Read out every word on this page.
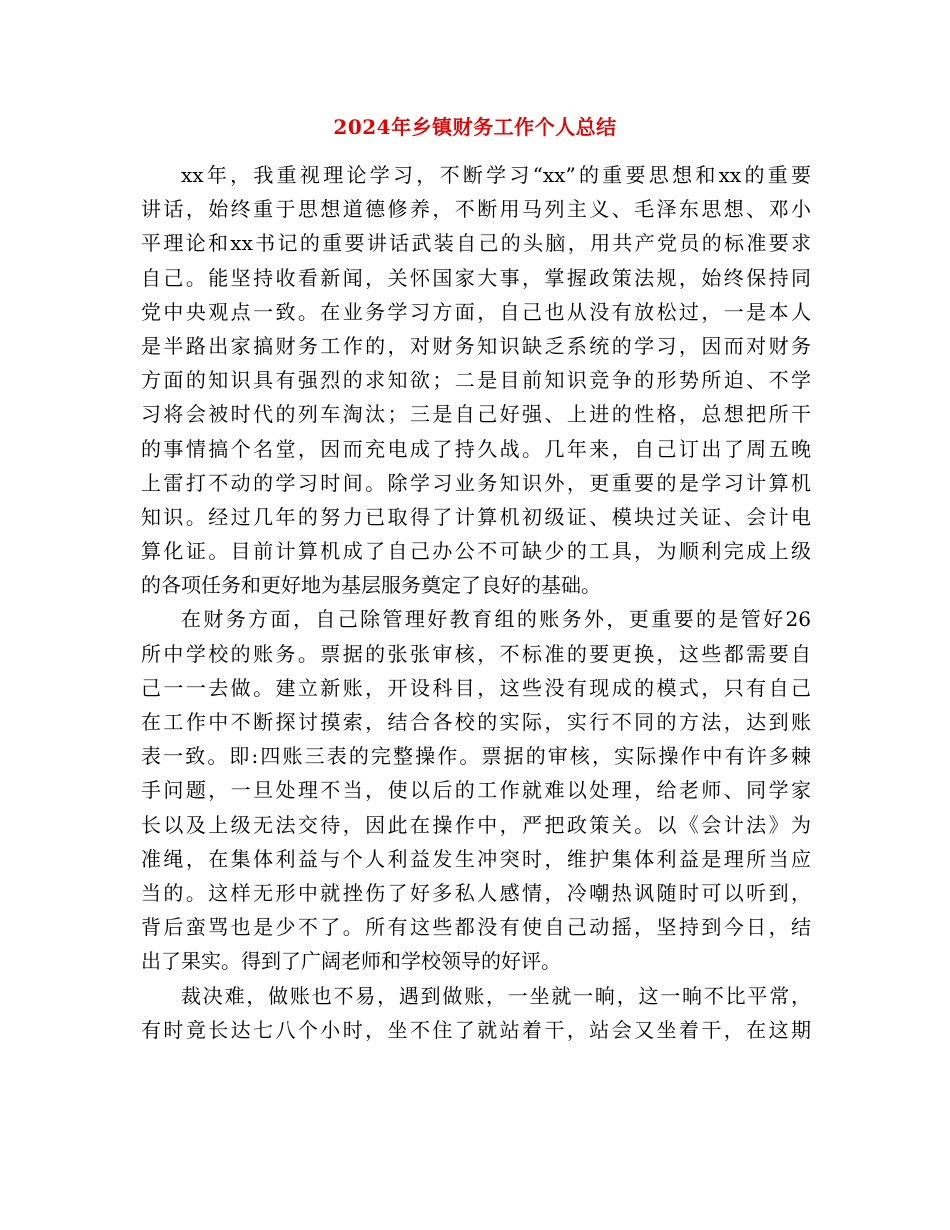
2024年乡镇财务工作个人总结
xx年，我重视理论学习，不断学习“xx”的重要思想和xx的重要
讲话，始终重于思想道德修养，不断用马列主义、毛泽东思想、邓小
平理论和xx书记的重要讲话武装自己的头脑，用共产党员的标准要求
自己。能坚持收看新闻，关怀国家大事，掌握政策法规，始终保持同
党中央观点一致。在业务学习方面，自己也从没有放松过，一是本人
是半路出家搞财务工作的，对财务知识缺乏系统的学习，因而对财务
方面的知识具有强烈的求知欲；二是目前知识竞争的形势所迫、不学
习将会被时代的列车淘汰；三是自己好强、上进的性格，总想把所干
的事情搞个名堂，因而充电成了持久战。几年来，自己订出了周五晚
上雷打不动的学习时间。除学习业务知识外，更重要的是学习计算机
知识。经过几年的努力已取得了计算机初级证、模块过关证、会计电
算化证。目前计算机成了自己办公不可缺少的工具，为顺利完成上级
的各项任务和更好地为基层服务奠定了良好的基础。
在财务方面，自己除管理好教育组的账务外，更重要的是管好26
所中学校的账务。票据的张张审核，不标准的要更换，这些都需要自
己一一去做。建立新账，开设科目，这些没有现成的模式，只有自己
在工作中不断探讨摸索，结合各校的实际，实行不同的方法，达到账
表一致。即:四账三表的完整操作。票据的审核，实际操作中有许多棘
手问题，一旦处理不当，使以后的工作就难以处理，给老师、同学家
长以及上级无法交待，因此在操作中，严把政策关。以《会计法》为
准绳，在集体利益与个人利益发生冲突时，维护集体利益是理所当应
当的。这样无形中就挫伤了好多私人感情，冷嘲热讽随时可以听到，
背后蛮骂也是少不了。所有这些都没有使自己动摇，坚持到今日，结
出了果实。得到了广阔老师和学校领导的好评。
裁决难，做账也不易，遇到做账，一坐就一晌，这一晌不比平常，
有时竟长达七八个小时，坐不住了就站着干，站会又坐着干，在这期
